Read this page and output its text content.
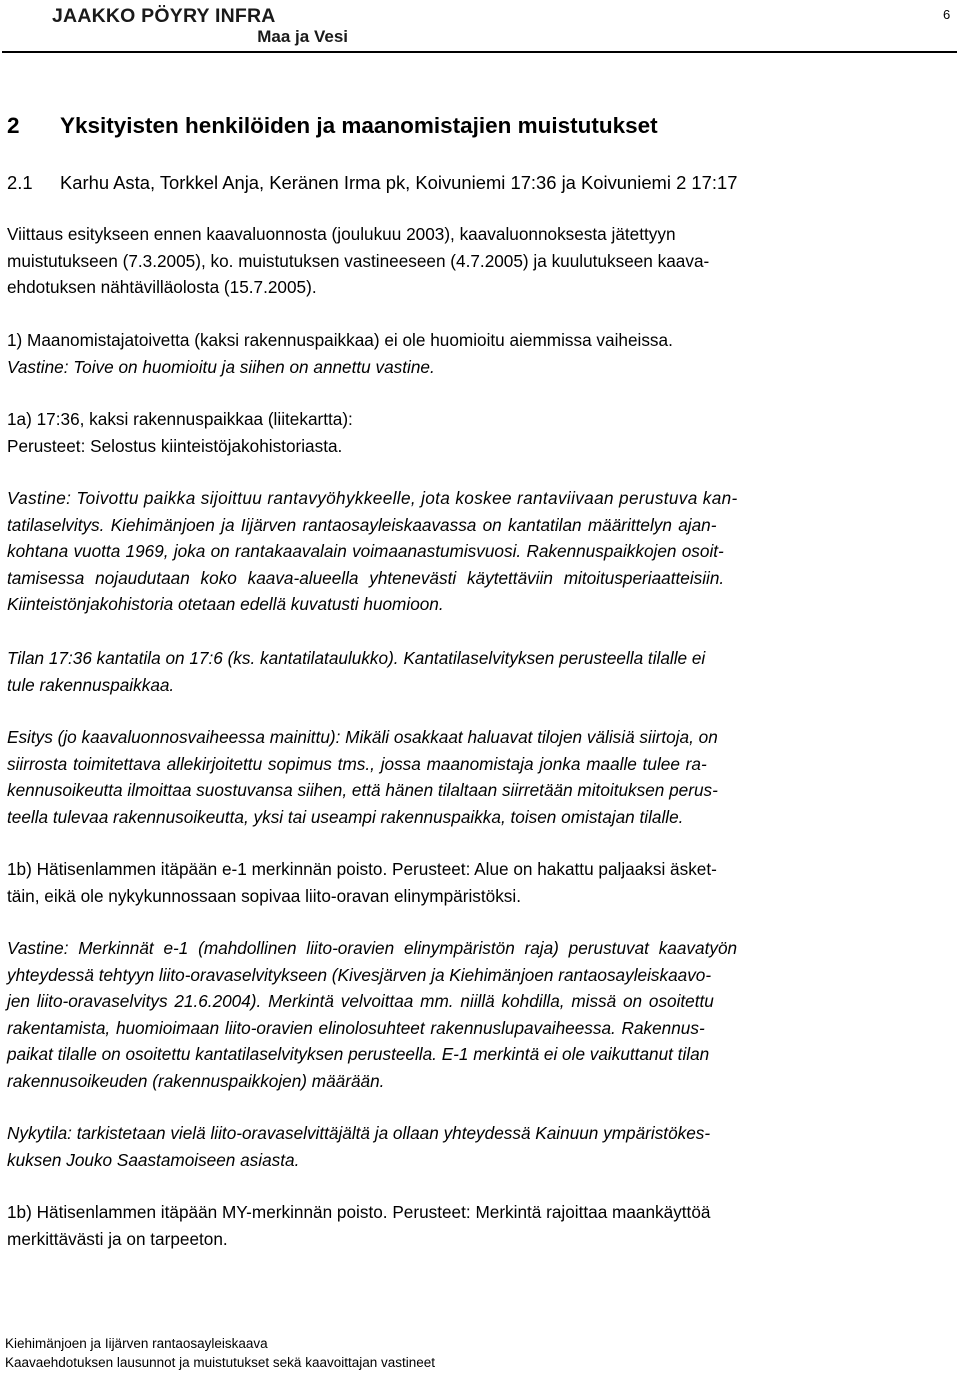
JAAKKO PÖYRY INFRA
Maa ja Vesi
6
2 Yksityisten henkilöiden ja maanomistajien muistutukset
2.1 Karhu Asta, Torkkel Anja, Keränen Irma pk, Koivuniemi 17:36 ja Koivuniemi 2 17:17

Viittaus esitykseen ennen kaavaluonnosta (joulukuu 2003), kaavaluonnoksesta jätettyyn
muistutukseen (7.3.2005), ko. muistutuksen vastineeseen (4.7.2005) ja kuulutukseen kaava-
ehdotuksen nähtävilläolosta (15.7.2005).

1) Maanomistajatoivetta (kaksi rakennuspaikkaa) ei ole huomioitu aiemmissa vaiheissa.
Vastine: Toive on huomioitu ja siihen on annettu vastine.

1a) 17:36, kaksi rakennuspaikkaa (liitekartta):
Perusteet: Selostus kiinteistöjakohistoriasta.

Vastine: Toivottu paikka sijoittuu rantavyöhykkeelle, jota koskee rantaviivaan perustuva kan-
tatilaselvitys. Kiehimänjoen ja Iijärven rantaosayleiskaavassa on kantatilan määrittelyn ajan-
kohtana vuotta 1969, joka on rantakaavalain voimaanastumisvuosi. Rakennuspaikkojen osoit-
tamisessa nojaudutaan koko kaava-alueella yhtenevästi käytettäviin mitoitusperiaatteisiin.
Kiinteistönjakohistoria otetaan edellä kuvatusti huomioon.

Tilan 17:36 kantatila on 17:6 (ks. kantatilataulukko). Kantatilaselvityksen perusteella tilalle ei
tule rakennuspaikkaa.

Esitys (jo kaavaluonnosvaiheessa mainittu): Mikäli osakkaat haluavat tilojen välisiä siirtoja, on
siirrosta toimitettava allekirjoitettu sopimus tms., jossa maanomistaja jonka maalle tulee ra-
kennusoikeutta ilmoittaa suostuvansa siihen, että hänen tilaltaan siirretään mitoituksen perus-
teella tulevaa rakennusoikeutta, yksi tai useampi rakennuspaikka, toisen omistajan tilalle.

1b) Hätisenlammen itäpään e-1 merkinnän poisto. Perusteet: Alue on hakattu paljaaksi äsket-
täin, eikä ole nykykunnossaan sopivaa liito-oravan elinympäristöksi.

Vastine: Merkinnät e-1 (mahdollinen liito-oravien elinympäristön raja) perustuvat kaavatyön
yhteydessä tehtyyn liito-oravaselvitykseen (Kivesjärven ja Kiehimänjoen rantaosayleiskaavo-
jen liito-oravaselvitys 21.6.2004). Merkintä velvoittaa mm. niillä kohdilla, missä on osoitettu
rakentamista, huomioimaan liito-oravien elinolosuhteet rakennuslupavaiheessa. Rakennus-
paikat tilalle on osoitettu kantatilaselvityksen perusteella. E-1 merkintä ei ole vaikuttanut tilan
rakennusoikeuden (rakennuspaikkojen) määrään.

Nykytila: tarkistetaan vielä liito-oravaselvittäjältä ja ollaan yhteydessä Kainuun ympäristökes-
kuksen Jouko Saastamoiseen asiasta.

1b) Hätisenlammen itäpään MY-merkinnän poisto. Perusteet: Merkintä rajoittaa maankäyttöä
merkittävästi ja on tarpeeton.

Kiehimänjoen ja Iijärven rantaosayleiskaava
Kaavaehdotuksen lausunnot ja muistutukset sekä kaavoittajan vastineet
